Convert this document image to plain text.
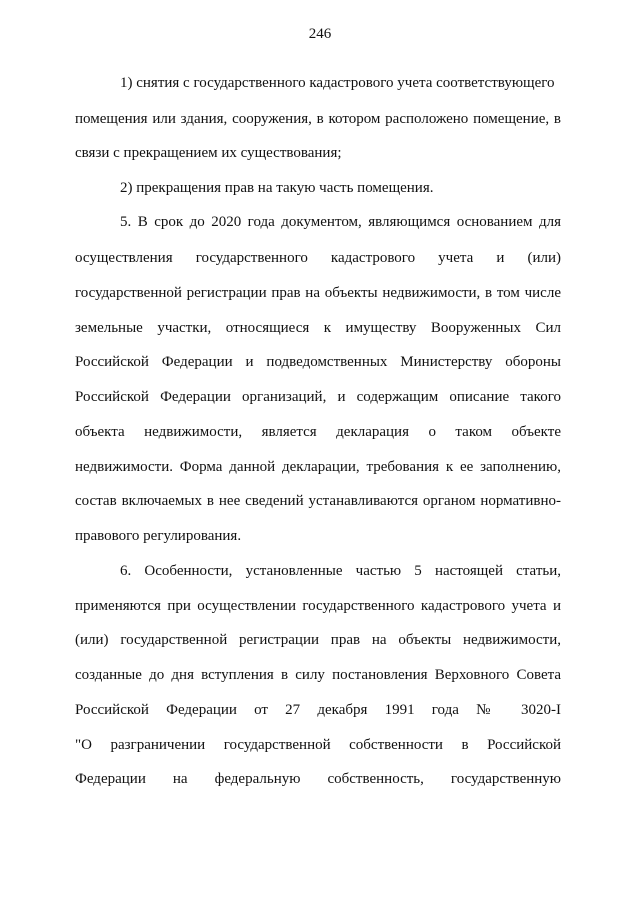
246
1) снятия с государственного кадастрового учета соответствующего
помещения или здания, сооружения, в котором расположено помещение, в
связи с прекращением их существования;
2) прекращения прав на такую часть помещения.
5. В срок до 2020 года документом, являющимся основанием для
осуществления государственного кадастрового учета и (или)
государственной регистрации прав на объекты недвижимости, в том числе
земельные участки, относящиеся к имуществу Вооруженных Сил
Российской Федерации и подведомственных Министерству обороны
Российской Федерации организаций, и содержащим описание такого
объекта недвижимости, является декларация о таком объекте
недвижимости. Форма данной декларации, требования к ее заполнению,
состав включаемых в нее сведений устанавливаются органом нормативно-
правового регулирования.
6. Особенности, установленные частью 5 настоящей статьи,
применяются при осуществлении государственного кадастрового учета и
(или) государственной регистрации прав на объекты недвижимости,
созданные до дня вступления в силу постановления Верховного Совета
Российской Федерации от 27 декабря 1991 года № 3020-I
"О разграничении государственной собственности в Российской
Федерации на федеральную собственность, государственную
